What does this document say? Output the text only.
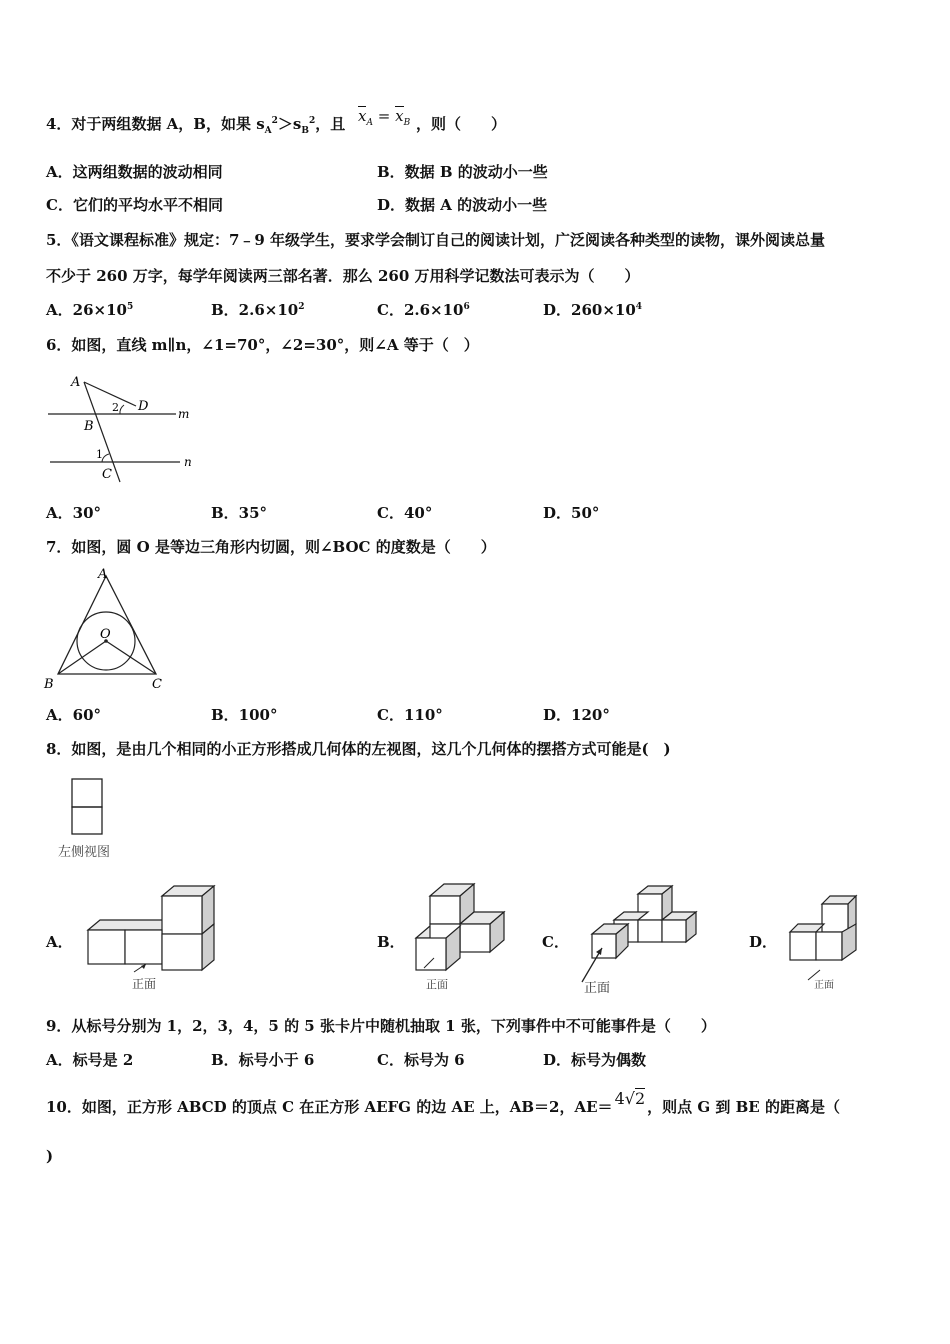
4．对于两组数据 A，B，如果 $s_A^2>s_B^2$，且 $x_A = x_B$ ，则（　　）
A．这两组数据的波动相同	B．数据 B 的波动小一些
C．它们的平均水平不相同	D．数据 A 的波动小一些
5．《语文课程标准》规定：7﹣9 年级学生，要求学会制订自己的阅读计划，广泛阅读各种类型的读物，课外阅读总量
不少于 260 万字，每学年阅读两三部名著．那么 260 万用科学记数法可表示为（　　）
A．$26\times 10^5$	B．$2.6\times 10^2$	C．$2.6\times 10^6$	D．$260\times 10^4$
6．如图，直线 m∥n，∠1=70°，∠2=30°，则∠A 等于（　）
A
D
B
C
m
n
2
1
A．30°	B．35°	C．40°	D．50°
7．如图，圆 O 是等边三角形内切圆，则∠BOC 的度数是（　　）
A
O
B	C
A．60°	B．100°	C．110°	D．120°
8．如图，是由几个相同的小正方形搭成几何体的左视图，这几个几何体的摆搭方式可能是(　)
左侧视图
A．
正面
B．
正面
C．
正面
D．
正面
9．从标号分别为 1，2，3，4，5 的 5 张卡片中随机抽取 1 张，下列事件中不可能事件是（　　）
A．标号是 2	B．标号小于 6	C．标号为 6	D．标号为偶数
10．如图，正方形 ABCD 的顶点 C 在正方形 AEFG 的边 AE 上，AB＝2，AE＝ 4√2 ，则点 G 到 BE 的距离是（
)
